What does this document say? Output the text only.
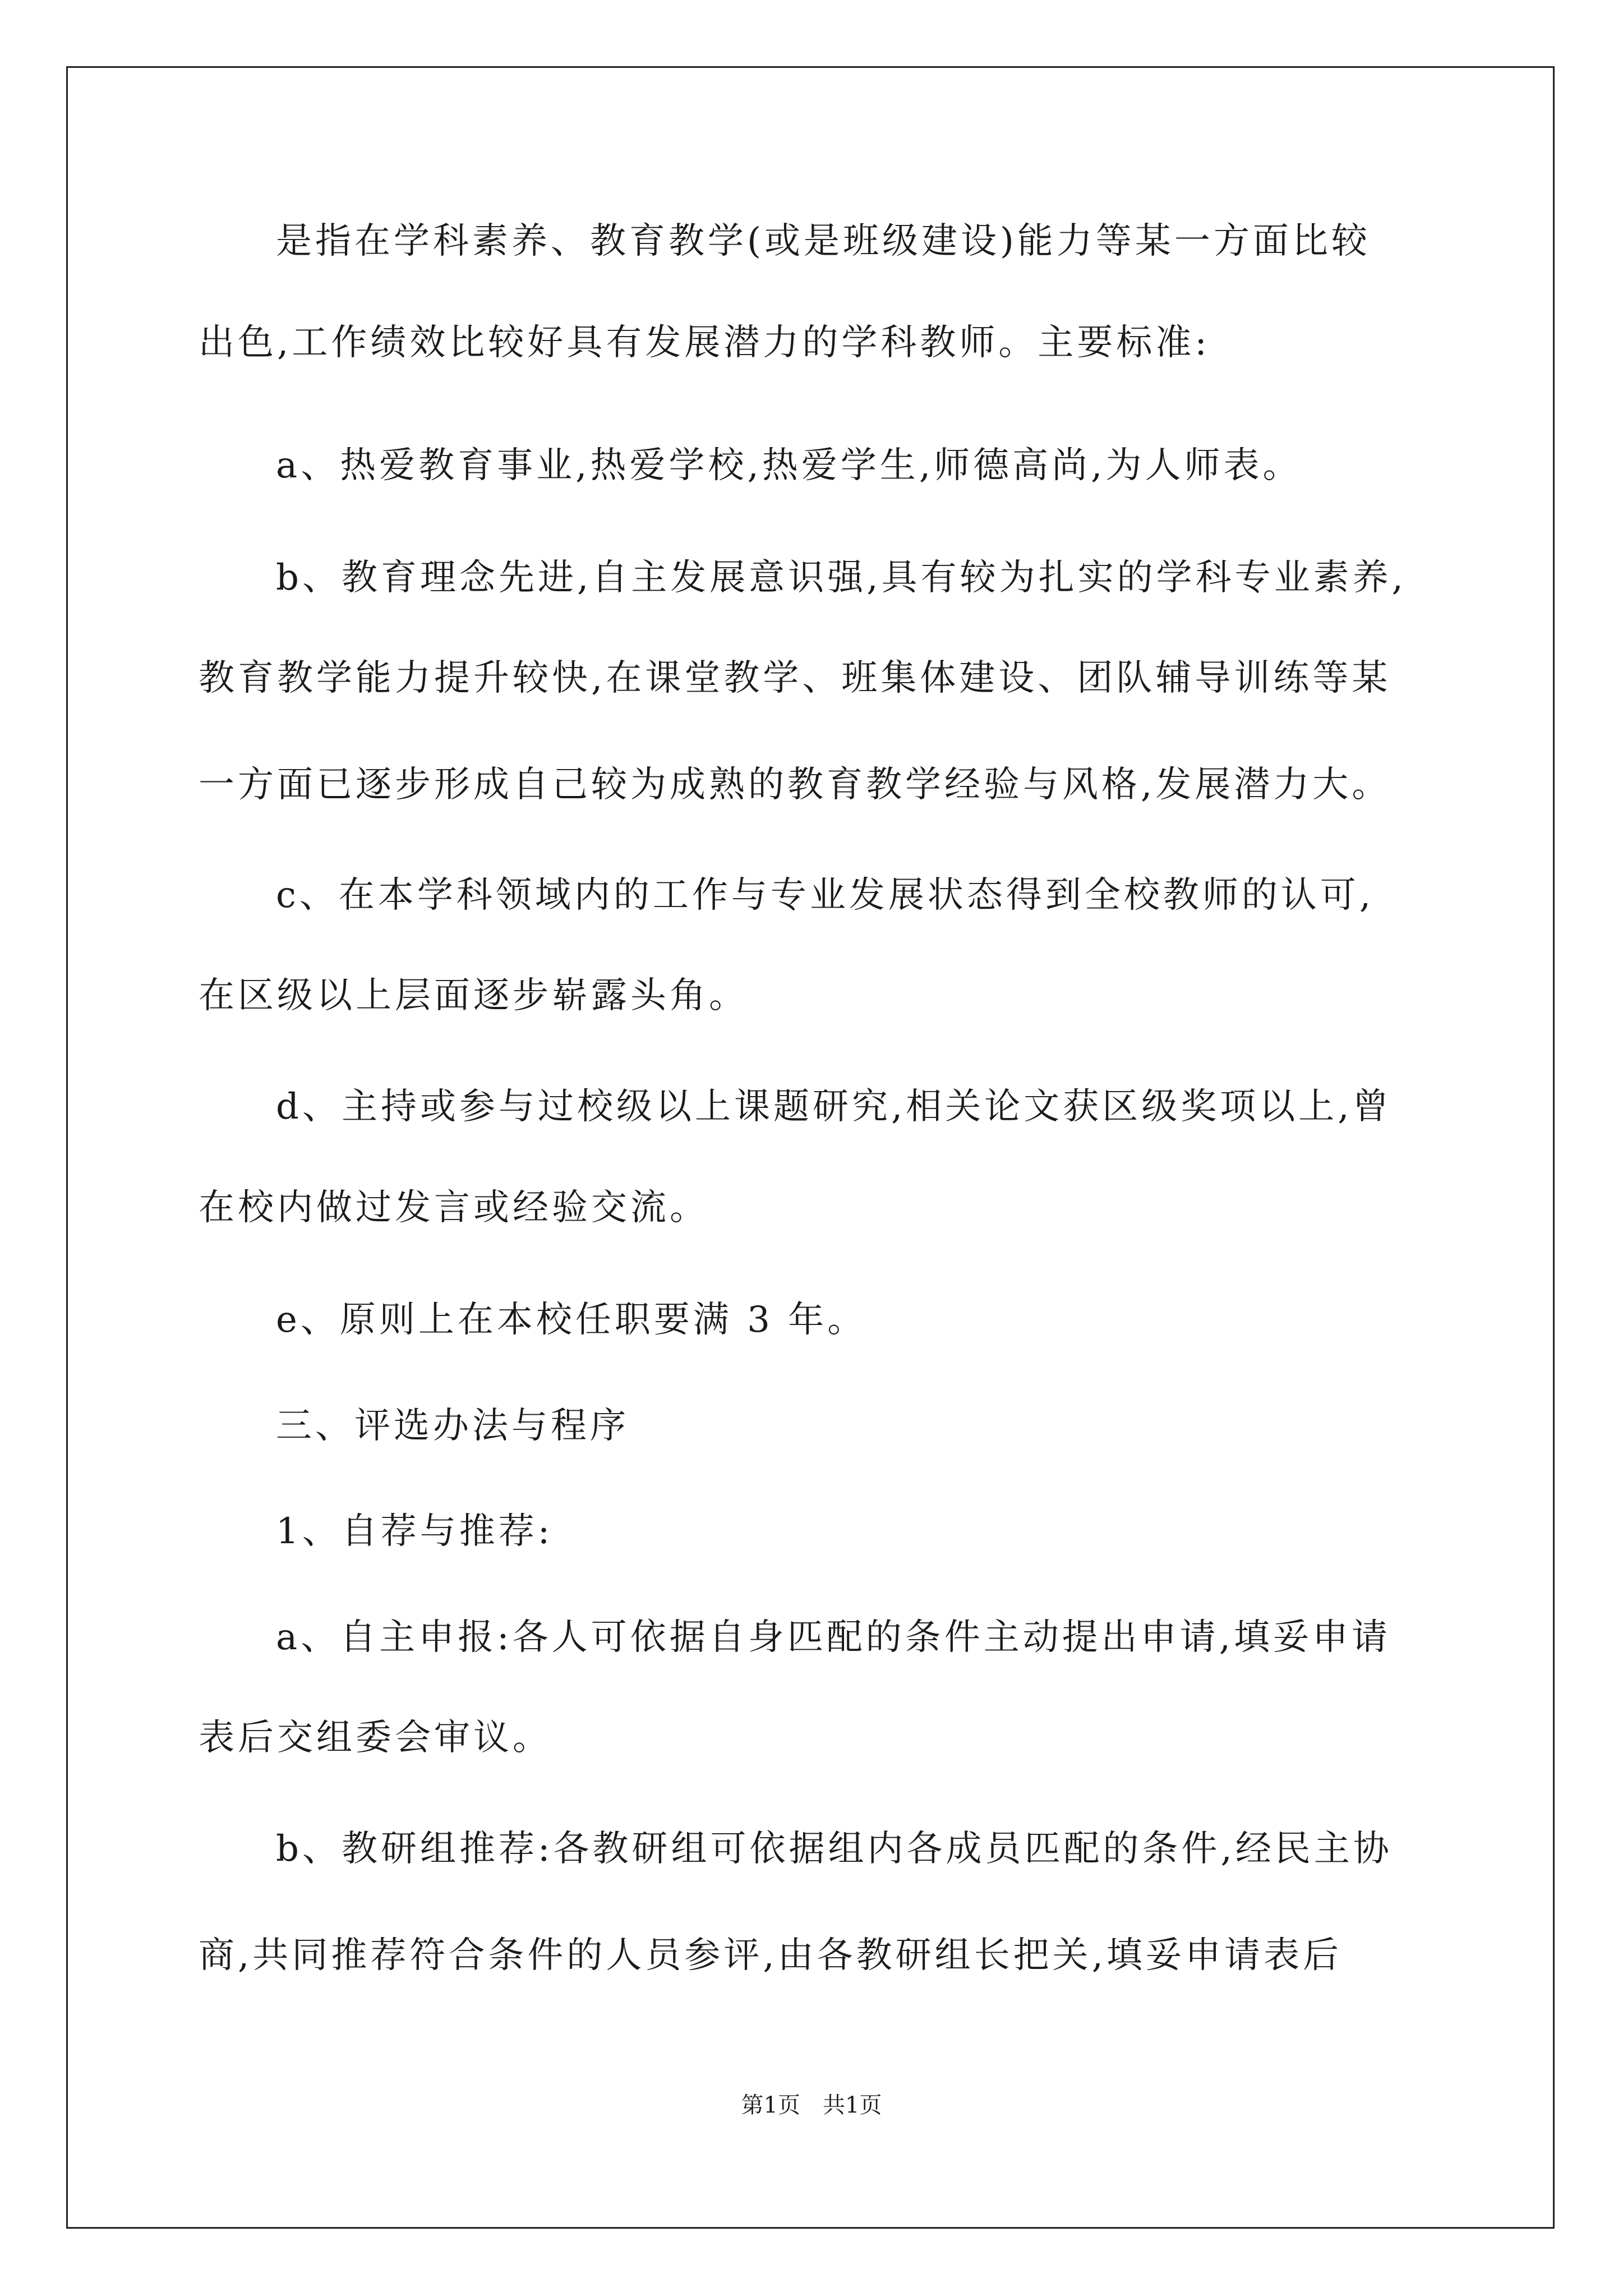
是指在学科素养、教育教学(或是班级建设)能力等某一方面比较
出色,工作绩效比较好具有发展潜力的学科教师。主要标准:
a、热爱教育事业,热爱学校,热爱学生,师德高尚,为人师表。
b、教育理念先进,自主发展意识强,具有较为扎实的学科专业素养,
教育教学能力提升较快,在课堂教学、班集体建设、团队辅导训练等某
一方面已逐步形成自己较为成熟的教育教学经验与风格,发展潜力大。
c、在本学科领域内的工作与专业发展状态得到全校教师的认可,
在区级以上层面逐步崭露头角。
d、主持或参与过校级以上课题研究,相关论文获区级奖项以上,曾
在校内做过发言或经验交流。
e、原则上在本校任职要满 3 年。
三、评选办法与程序
1、自荐与推荐:
a、自主申报:各人可依据自身匹配的条件主动提出申请,填妥申请
表后交组委会审议。
b、教研组推荐:各教研组可依据组内各成员匹配的条件,经民主协
商,共同推荐符合条件的人员参评,由各教研组长把关,填妥申请表后
第1页　共1页
